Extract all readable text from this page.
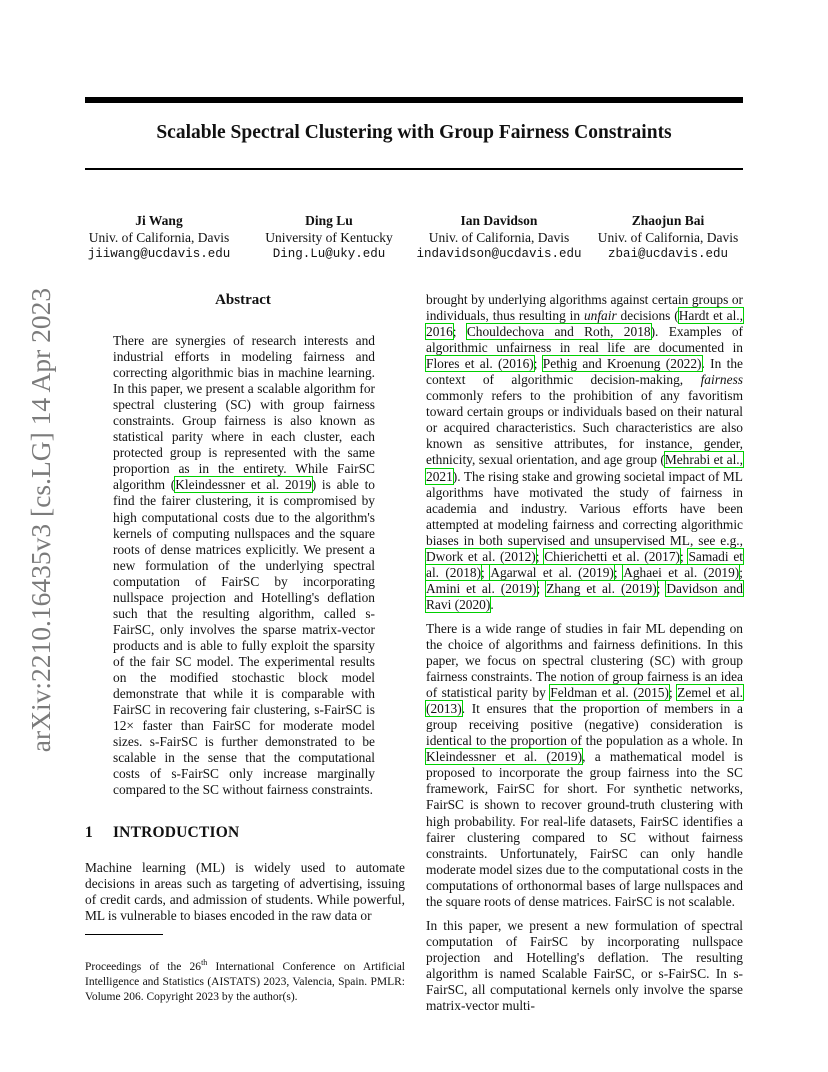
Scalable Spectral Clustering with Group Fairness Constraints
arXiv:2210.16435v3 [cs.LG] 14 Apr 2023
Ji Wang
Univ. of California, Davis
jiiwang@ucdavis.edu
Ding Lu
University of Kentucky
Ding.Lu@uky.edu
Ian Davidson
Univ. of California, Davis
indavidson@ucdavis.edu
Zhaojun Bai
Univ. of California, Davis
zbai@ucdavis.edu
Abstract

There are synergies of research interests and industrial efforts in modeling fairness and correcting algorithmic bias in machine learning. In this paper, we present a scalable algorithm for spectral clustering (SC) with group fairness constraints. Group fairness is also known as statistical parity where in each cluster, each protected group is represented with the same proportion as in the entirety. While FairSC algorithm (Kleindessner et al. 2019) is able to find the fairer clustering, it is compromised by high computational costs due to the algorithm's kernels of computing nullspaces and the square roots of dense matrices explicitly. We present a new formulation of the underlying spectral computation of FairSC by incorporating nullspace projection and Hotelling's deflation such that the resulting algorithm, called s-FairSC, only involves the sparse matrix-vector products and is able to fully exploit the sparsity of the fair SC model. The experimental results on the modified stochastic block model demonstrate that while it is comparable with FairSC in recovering fair clustering, s-FairSC is 12× faster than FairSC for moderate model sizes. s-FairSC is further demonstrated to be scalable in the sense that the computational costs of s-FairSC only increase marginally compared to the SC without fairness constraints.

1 INTRODUCTION

Machine learning (ML) is widely used to automate decisions in areas such as targeting of advertising, issuing of credit cards, and admission of students. While powerful, ML is vulnerable to biases encoded in the raw data or

Proceedings of the 26th International Conference on Artificial Intelligence and Statistics (AISTATS) 2023, Valencia, Spain. PMLR: Volume 206. Copyright 2023 by the author(s).

brought by underlying algorithms against certain groups or individuals, thus resulting in unfair decisions (Hardt et al., 2016; Chouldechova and Roth, 2018). Examples of algorithmic unfairness in real life are documented in Flores et al. (2016); Pethig and Kroenung (2022). In the context of algorithmic decision-making, fairness commonly refers to the prohibition of any favoritism toward certain groups or individuals based on their natural or acquired characteristics. Such characteristics are also known as sensitive attributes, for instance, gender, ethnicity, sexual orientation, and age group (Mehrabi et al., 2021). The rising stake and growing societal impact of ML algorithms have motivated the study of fairness in academia and industry. Various efforts have been attempted at modeling fairness and correcting algorithmic biases in both supervised and unsupervised ML, see e.g., Dwork et al. (2012); Chierichetti et al. (2017); Samadi et al. (2018); Agarwal et al. (2019); Aghaei et al. (2019); Amini et al. (2019); Zhang et al. (2019); Davidson and Ravi (2020).

There is a wide range of studies in fair ML depending on the choice of algorithms and fairness definitions. In this paper, we focus on spectral clustering (SC) with group fairness constraints. The notion of group fairness is an idea of statistical parity by Feldman et al. (2015); Zemel et al. (2013). It ensures that the proportion of members in a group receiving positive (negative) consideration is identical to the proportion of the population as a whole. In Kleindessner et al. (2019), a mathematical model is proposed to incorporate the group fairness into the SC framework, FairSC for short. For synthetic networks, FairSC is shown to recover ground-truth clustering with high probability. For real-life datasets, FairSC identifies a fairer clustering compared to SC without fairness constraints. Unfortunately, FairSC can only handle moderate model sizes due to the computational costs in the computations of orthonormal bases of large nullspaces and the square roots of dense matrices. FairSC is not scalable.

In this paper, we present a new formulation of spectral computation of FairSC by incorporating nullspace projection and Hotelling's deflation. The resulting algorithm is named Scalable FairSC, or s-FairSC. In s-FairSC, all computational kernels only involve the sparse matrix-vector multi-
